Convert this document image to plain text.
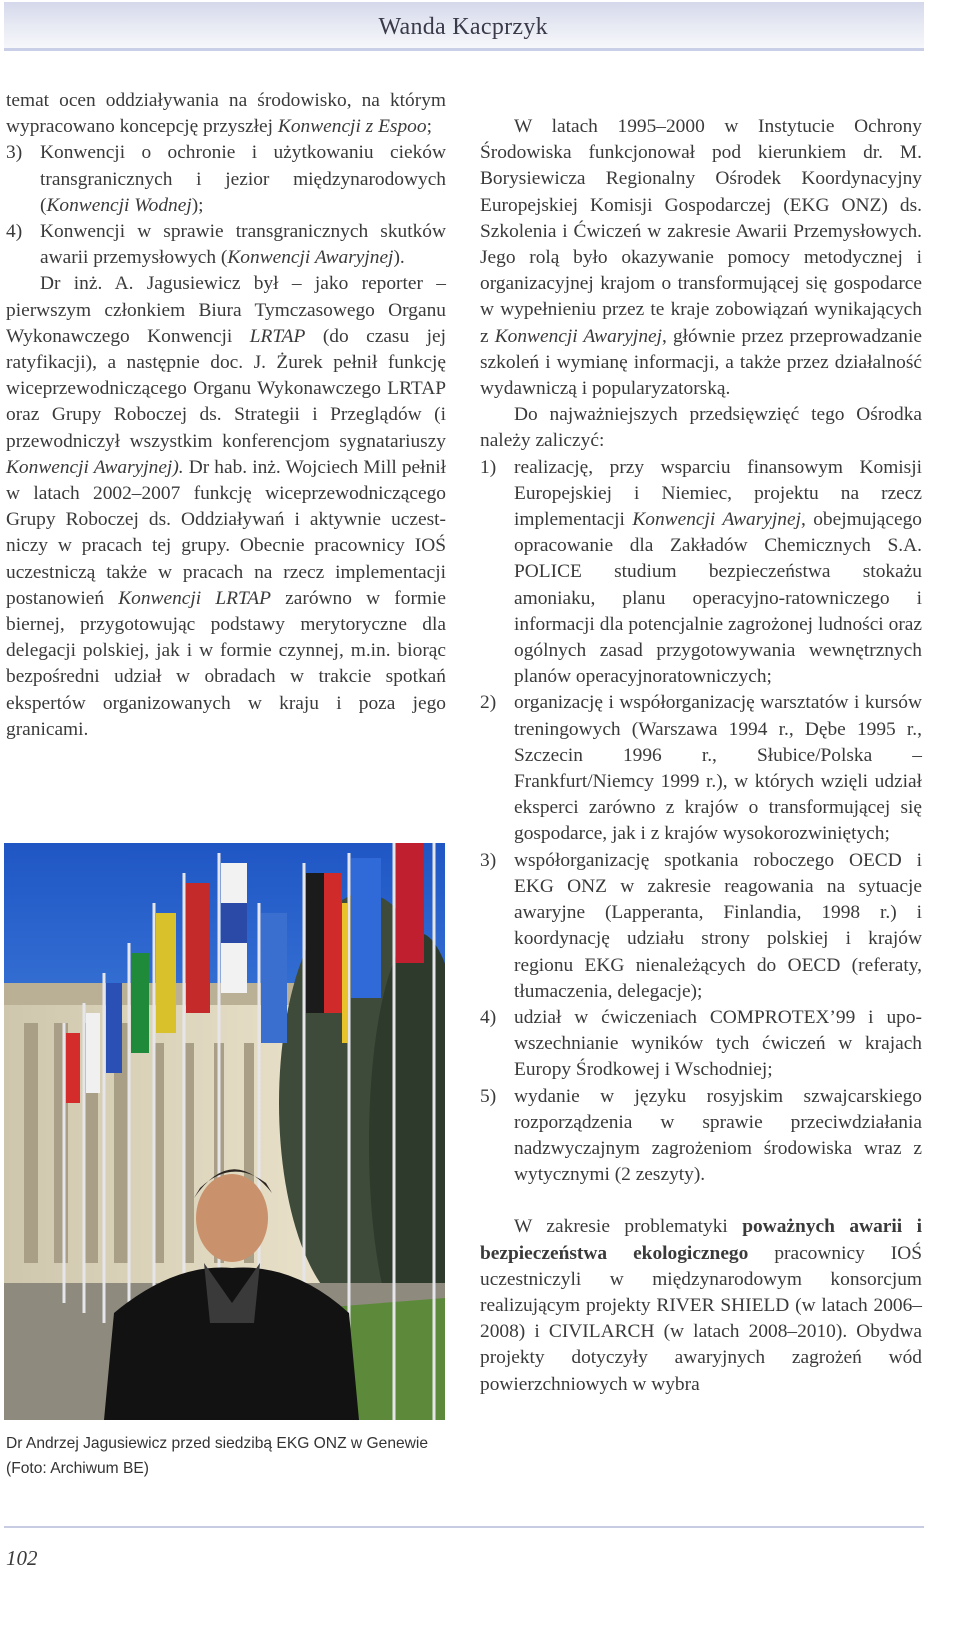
Wanda Kacprzyk

temat ocen oddziaływania na środowisko, na którym wypracowano koncepcję przyszłej Konwencji z Espoo;

3) Konwencji o ochronie i użytkowaniu cieków transgranicznych i jezior międzynarodowych (Konwencji Wodnej);
4) Konwencji w sprawie transgranicznych skutków awarii przemysłowych (Konwencji Awaryjnej).

Dr inż. A. Jagusiewicz był – jako reporter – pierwszym członkiem Biura Tymczasowego Organu Wykonawczego Konwencji LRTAP (do czasu jej ratyfikacji), a następnie doc. J. Żurek pełnił funkcję wiceprzewodniczącego Organu Wykonawczego LRTAP oraz Grupy Roboczej ds. Strategii i Przeglądów (i przewodniczył wszystkim konferencjom sygnatariuszy Konwencji Awaryjnej). Dr hab. inż. Wojciech Mill pełnił w latach 2002–2007 funkcję wiceprzewodniczącego Grupy Roboczej ds. Oddziaływań i aktywnie uczestniczy w pracach tej grupy. Obecnie pracownicy IOŚ uczestniczą także w pracach na rzecz implementacji postanowień Konwencji LRTAP zarówno w formie biernej, przygotowując podstawy merytoryczne dla delegacji polskiej, jak i w formie czynnej, m.in. biorąc bezpośredni udział w obradach w trakcie spotkań ekspertów organizowanych w kraju i poza jego granicami.

Dr Andrzej Jagusiewicz przed siedzibą EKG ONZ w Genewie (Foto: Archiwum BE)

W latach 1995–2000 w Instytucie Ochrony Środowiska funkcjonował pod kierunkiem dr. M. Borysiewicza Regionalny Ośrodek Koordynacyjny Europejskiej Komisji Gospodarczej (EKG ONZ) ds. Szkolenia i Ćwiczeń w zakresie Awarii Przemysłowych. Jego rolą było okazywanie pomocy metodycznej i organizacyjnej krajom o transformującej się gospodarce w wypełnieniu przez te kraje zobowiązań wynikających z Konwencji Awaryjnej, głównie przez przeprowadzanie szkoleń i wymianę informacji, a także przez działalność wydawniczą i popularyzatorską.

Do najważniejszych przedsięwzięć tego Ośrodka należy zaliczyć:

1) realizację, przy wsparciu finansowym Komisji Europejskiej i Niemiec, projektu na rzecz implementacji Konwencji Awaryjnej, obejmującego opracowanie dla Zakładów Chemicznych S.A. POLICE studium bezpieczeństwa stokażu amoniaku, planu operacyjno-ratowniczego i informacji dla potencjalnie zagrożonej ludności oraz ogólnych zasad przygotowywania wewnętrznych planów operacyjnoratowniczych;
2) organizację i współorganizację warsztatów i kursów treningowych (Warszawa 1994 r., Dębe 1995 r., Szczecin 1996 r., Słubice/Polska – Frankfurt/Niemcy 1999 r.), w których wzięli udział eksperci zarówno z krajów o transformującej się gospodarce, jak i z krajów wysokorozwiniętych;
3) współorganizację spotkania roboczego OECD i EKG ONZ w zakresie reagowania na sytuacje awaryjne (Lapperanta, Finlandia, 1998 r.) i koordynację udziału strony polskiej i krajów regionu EKG nienależących do OECD (referaty, tłumaczenia, delegacje);
4) udział w ćwiczeniach COMPROTEX’99 i upowszechnianie wyników tych ćwiczeń w krajach Europy Środkowej i Wschodniej;
5) wydanie w języku rosyjskim szwajcarskiego rozporządzenia w sprawie przeciwdziałania nadzwyczajnym zagrożeniom środowiska wraz z wytycznymi (2 zeszyty).

W zakresie problematyki poważnych awarii i bezpieczeństwa ekologicznego pracownicy IOŚ uczestniczyli w międzynarodowym konsorcjum realizującym projekty RIVER SHIELD (w latach 2006–2008) i CIVILARCH (w latach 2008–2010). Obydwa projekty dotyczyły awaryjnych zagrożeń wód powierzchniowych w wybra

102
